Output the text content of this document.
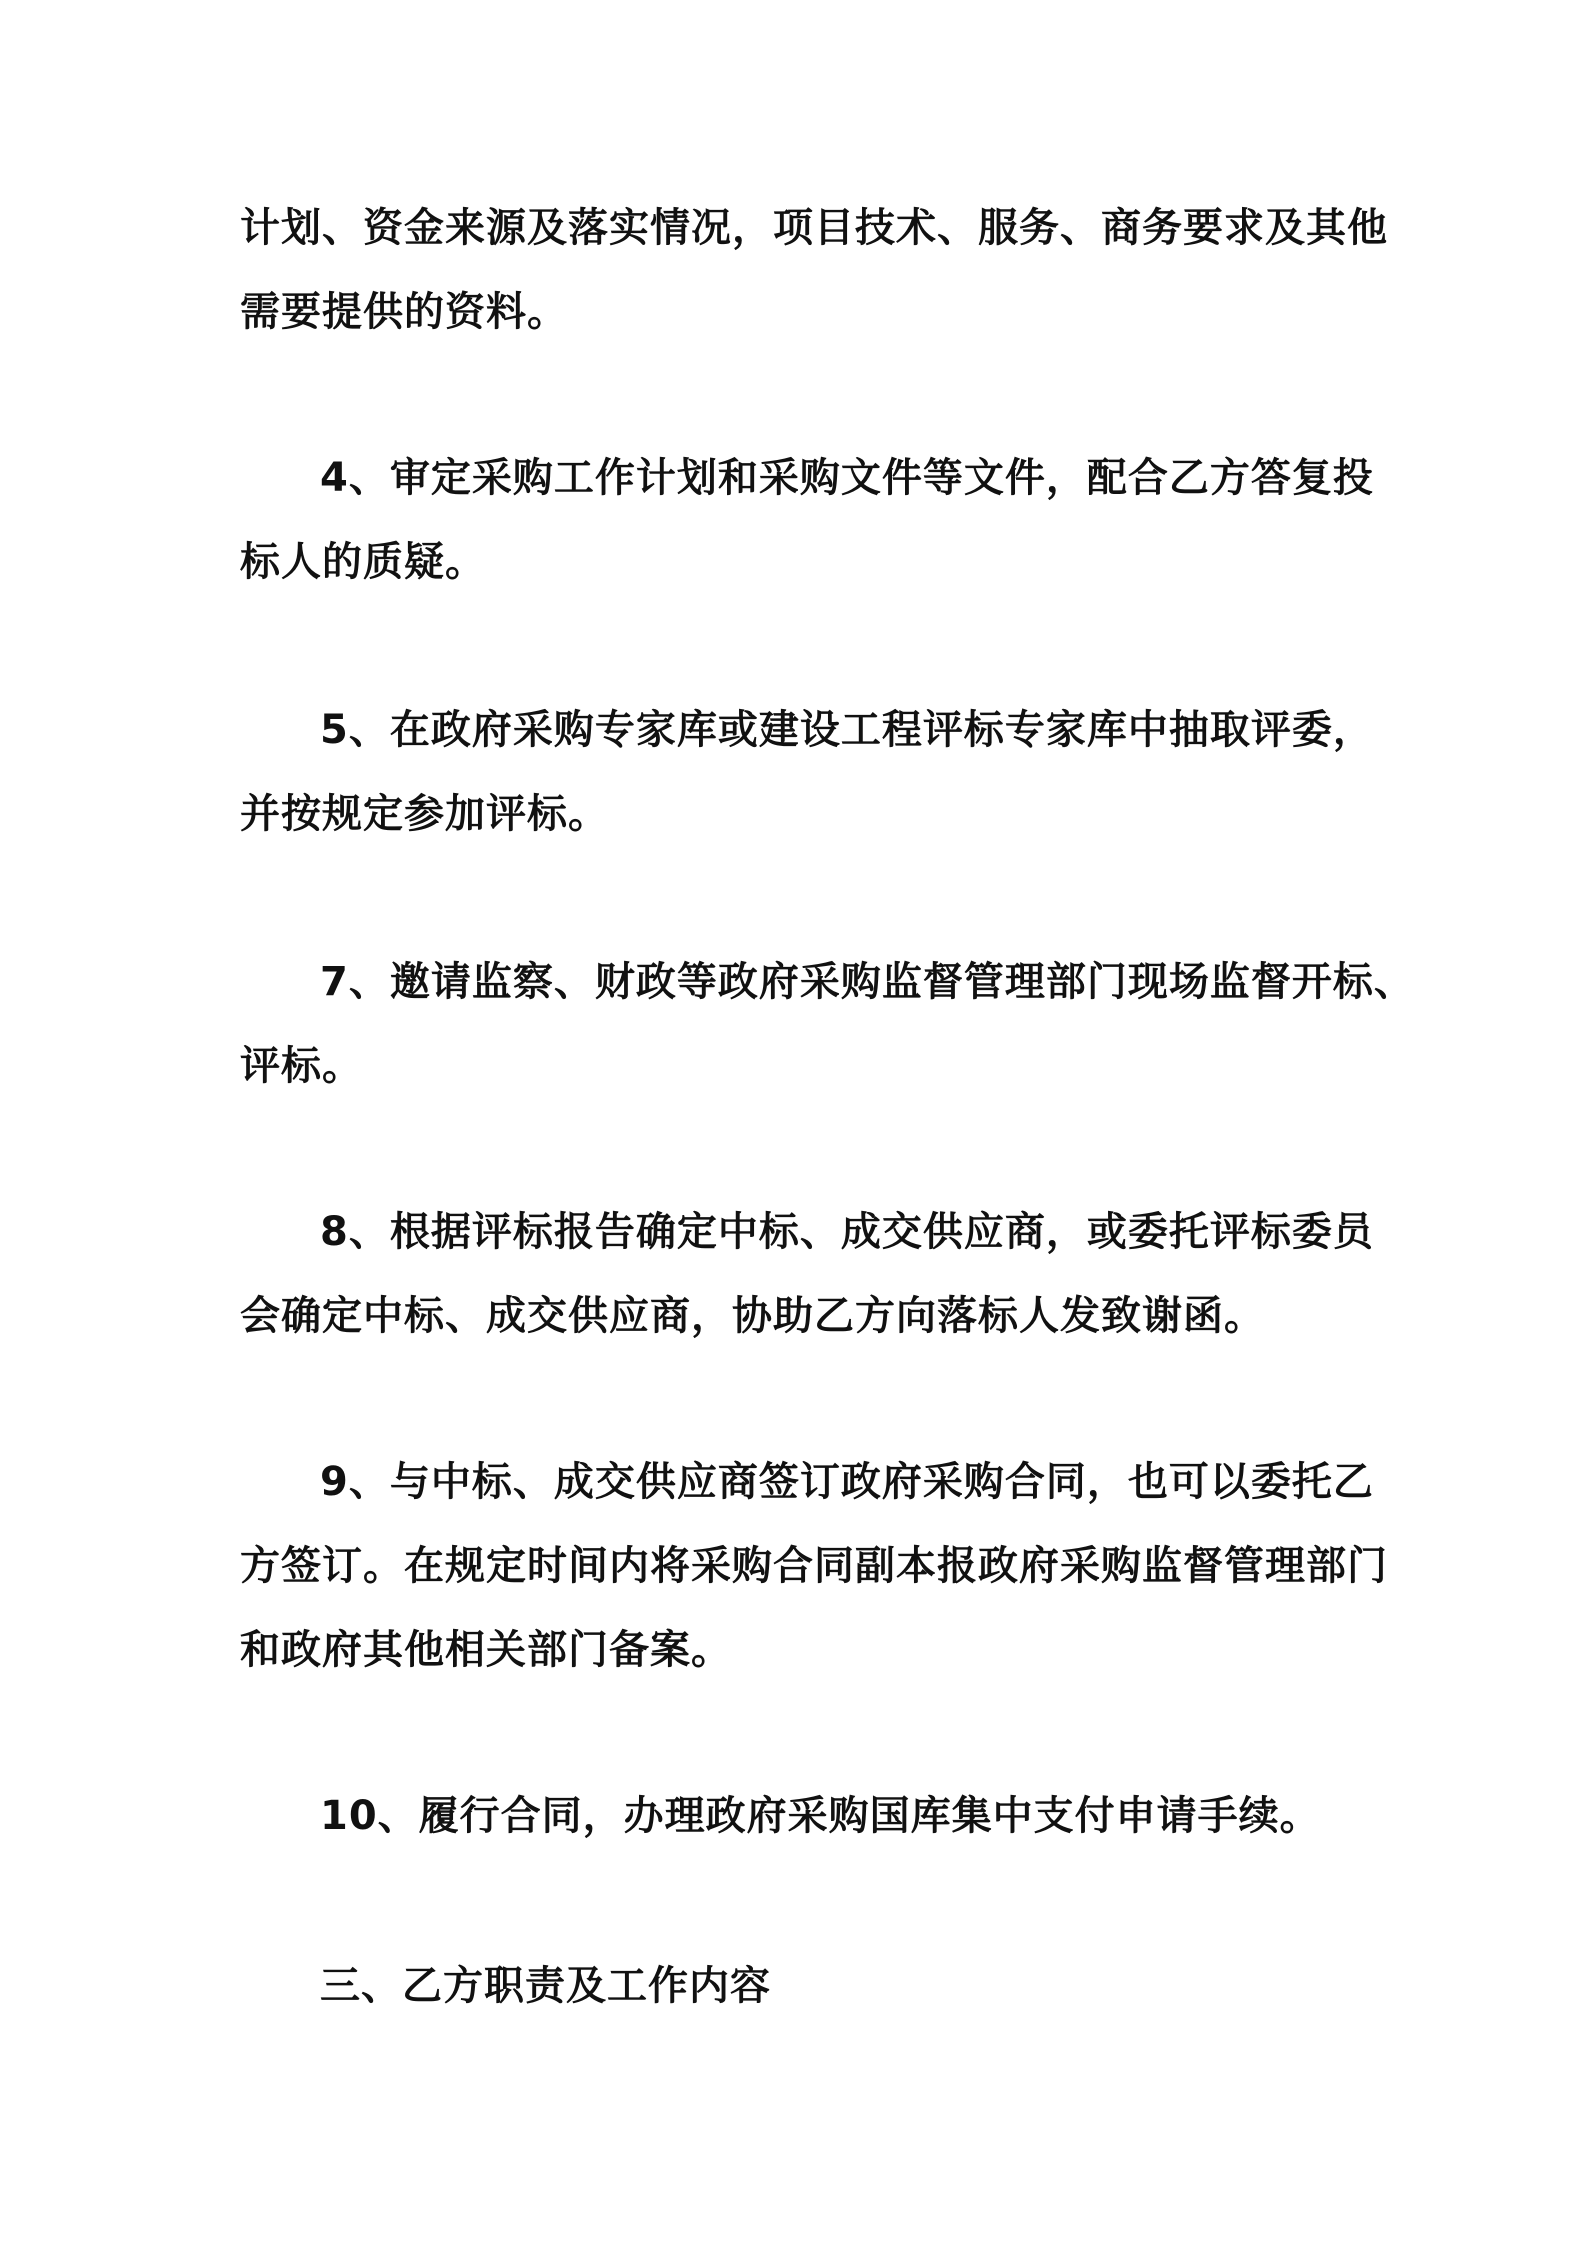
计划、资金来源及落实情况，项目技术、服务、商务要求及其他
需要提供的资料。
4、审定采购工作计划和采购文件等文件，配合乙方答复投
标人的质疑。
5、在政府采购专家库或建设工程评标专家库中抽取评委，
并按规定参加评标。
7、邀请监察、财政等政府采购监督管理部门现场监督开标、
评标。
8、根据评标报告确定中标、成交供应商，或委托评标委员
会确定中标、成交供应商，协助乙方向落标人发致谢函。
9、与中标、成交供应商签订政府采购合同，也可以委托乙
方签订。在规定时间内将采购合同副本报政府采购监督管理部门
和政府其他相关部门备案。
10、履行合同，办理政府采购国库集中支付申请手续。
三、乙方职责及工作内容
